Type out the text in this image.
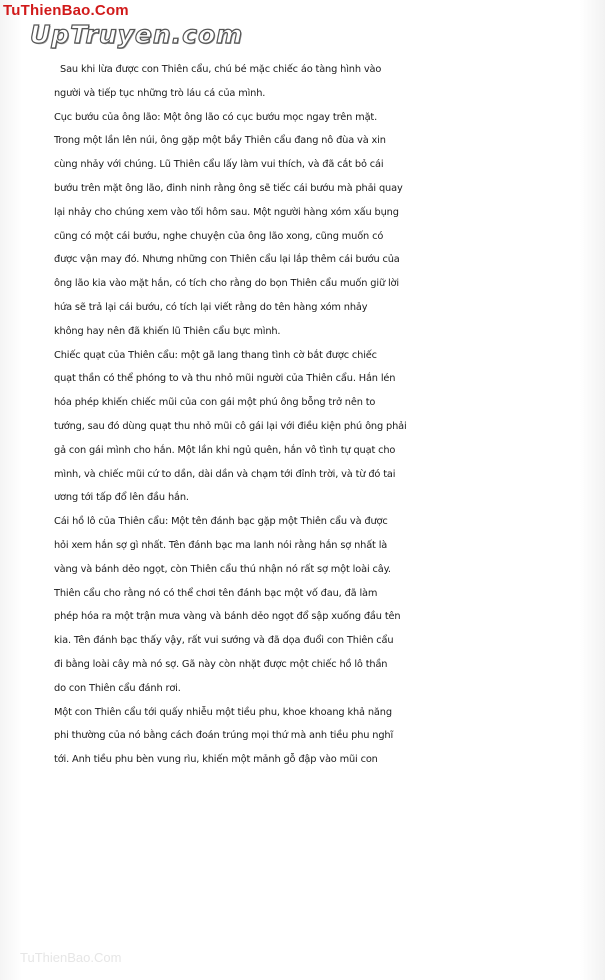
TuThienBao.Com
UpTruyen.com
Sau khi lừa được con Thiên cẩu, chú bé mặc chiếc áo tàng hình vào
người và tiếp tục những trò láu cá của mình.
Cục bướu của ông lão: Một ông lão có cục bướu mọc ngay trên mặt.
Trong một lần lên núi, ông gặp một bầy Thiên cẩu đang nô đùa và xin
cùng nhảy với chúng. Lũ Thiên cẩu lấy làm vui thích, và đã cắt bỏ cái
bướu trên mặt ông lão, đinh ninh rằng ông sẽ tiếc cái bướu mà phải quay
lại nhảy cho chúng xem vào tối hôm sau. Một người hàng xóm xấu bụng
cũng có một cái bướu, nghe chuyện của ông lão xong, cũng muốn có
được vận may đó. Nhưng những con Thiên cẩu lại lắp thêm cái bướu của
ông lão kia vào mặt hắn, có tích cho rằng do bọn Thiên cẩu muốn giữ lời
hứa sẽ trả lại cái bướu, có tích lại viết rằng do tên hàng xóm nhảy
không hay nên đã khiến lũ Thiên cẩu bực mình.
Chiếc quạt của Thiên cẩu: một gã lang thang tình cờ bắt được chiếc
quạt thần có thể phóng to và thu nhỏ mũi người của Thiên cẩu. Hắn lén
hóa phép khiến chiếc mũi của con gái một phú ông bỗng trở nên to
tướng, sau đó dùng quạt thu nhỏ mũi cô gái lại với điều kiện phú ông phải
gả con gái mình cho hắn. Một lần khi ngủ quên, hắn vô tình tự quạt cho
mình, và chiếc mũi cứ to dần, dài dần và chạm tới đỉnh trời, và từ đó tai
ương tới tấp đổ lên đầu hắn.
Cái hồ lô của Thiên cẩu: Một tên đánh bạc gặp một Thiên cẩu và được
hỏi xem hắn sợ gì nhất. Tên đánh bạc ma lanh nói rằng hắn sợ nhất là
vàng và bánh dẻo ngọt, còn Thiên cẩu thú nhận nó rất sợ một loài cây.
Thiên cẩu cho rằng nó có thể chơi tên đánh bạc một vố đau, đã làm
phép hóa ra một trận mưa vàng và bánh dẻo ngọt đổ sập xuống đầu tên
kia. Tên đánh bạc thấy vậy, rất vui sướng và đã dọa đuổi con Thiên cẩu
đi bằng loài cây mà nó sợ. Gã này còn nhặt được một chiếc hồ lô thần
do con Thiên cẩu đánh rơi.
Một con Thiên cẩu tới quấy nhiễu một tiều phu, khoe khoang khả năng
phi thường của nó bằng cách đoán trúng mọi thứ mà anh tiều phu nghĩ
tới. Anh tiều phu bèn vung rìu, khiến một mảnh gỗ đập vào mũi con
TuThienBao.Com
